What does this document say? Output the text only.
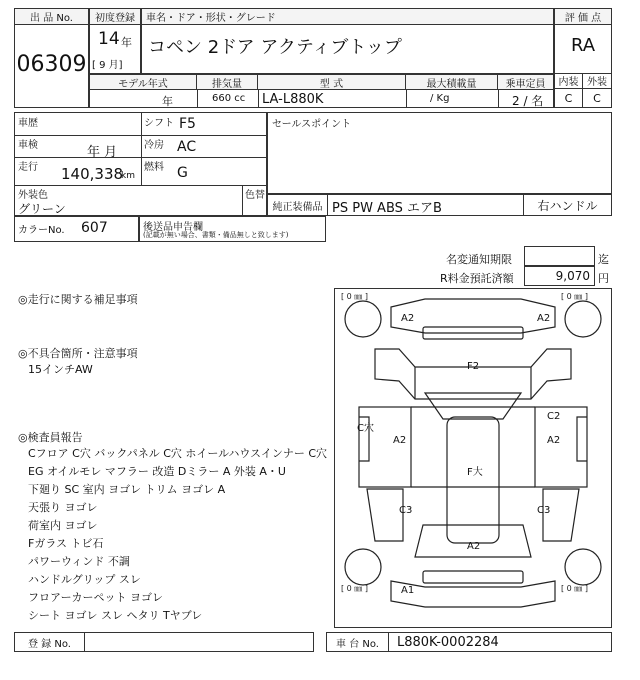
出 品 No.
06309
初度登録
14 年
[ 9 月]
車名・ドア・形状・グレード
コペン 2ドア アクティブトップ
評 価 点
RA
内装 外装
C	C
モデル年式	排気量	型 式	最大積載量	乗車定員
年	660 cc LA-L880K	/ Kg	2 / 名
車歴	シフト F5
車検	年 月	冷房 AC
走行 140,338
km
燃料 G
外装色
グリーン
色替
セールスポイント
純正装備品 PS PW ABS エアB	右ハンドル
カラーNo. 607	後送品申告欄
(記載が無い場合、書類・備品無しと致します)
名変通知期限	迄
R料金預託済額	9,070 円
◎走行に関する補足事項
◎不具合箇所・注意事項
15インチAW
◎検査員報告
Cフロア C穴 バックパネル C穴 ホイールハウスインナー C穴
EG オイルモレ マフラー 改造 Dミラー A 外装 A・U
下廻り SC 室内 ヨゴレ トリム ヨゴレ A
天張り ヨゴレ
荷室内 ヨゴレ
Fガラス トビ石
パワーウィンド 不調
ハンドルグリップ スレ
フロアーカーペット ヨゴレ
シート ヨゴレ スレ ヘタリ Tヤブレ
[ 0 ㎜ ]	[ 0 ㎜ ]
[ 0 ㎜ ]	[ 0 ㎜ ]
A2	A2
F2
C穴
C2
A2	A2
F大
C3	C3
A2
A1
登 録 No.	車 台 No.	L880K-0002284
